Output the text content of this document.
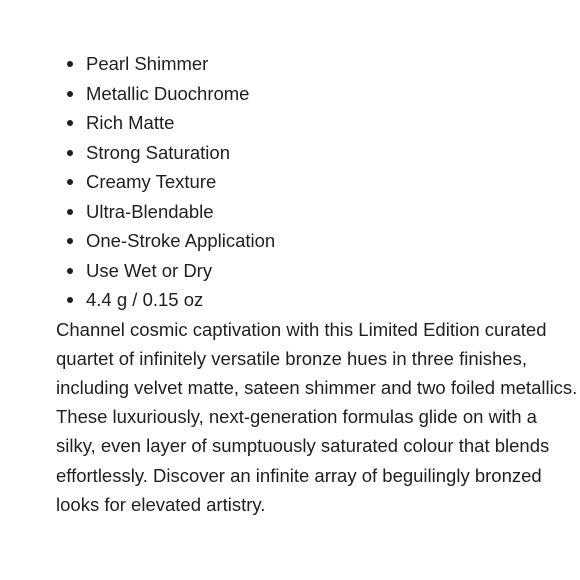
Pearl Shimmer
Metallic Duochrome
Rich Matte
Strong Saturation
Creamy Texture
Ultra-Blendable
One-Stroke Application
Use Wet or Dry
4.4 g / 0.15 oz

Channel cosmic captivation with this Limited Edition curated quartet of infinitely versatile bronze hues in three finishes, including velvet matte, sateen shimmer and two foiled metallics. These luxuriously, next-generation formulas glide on with a silky, even layer of sumptuously saturated colour that blends effortlessly. Discover an infinite array of beguilingly bronzed looks for elevated artistry.
